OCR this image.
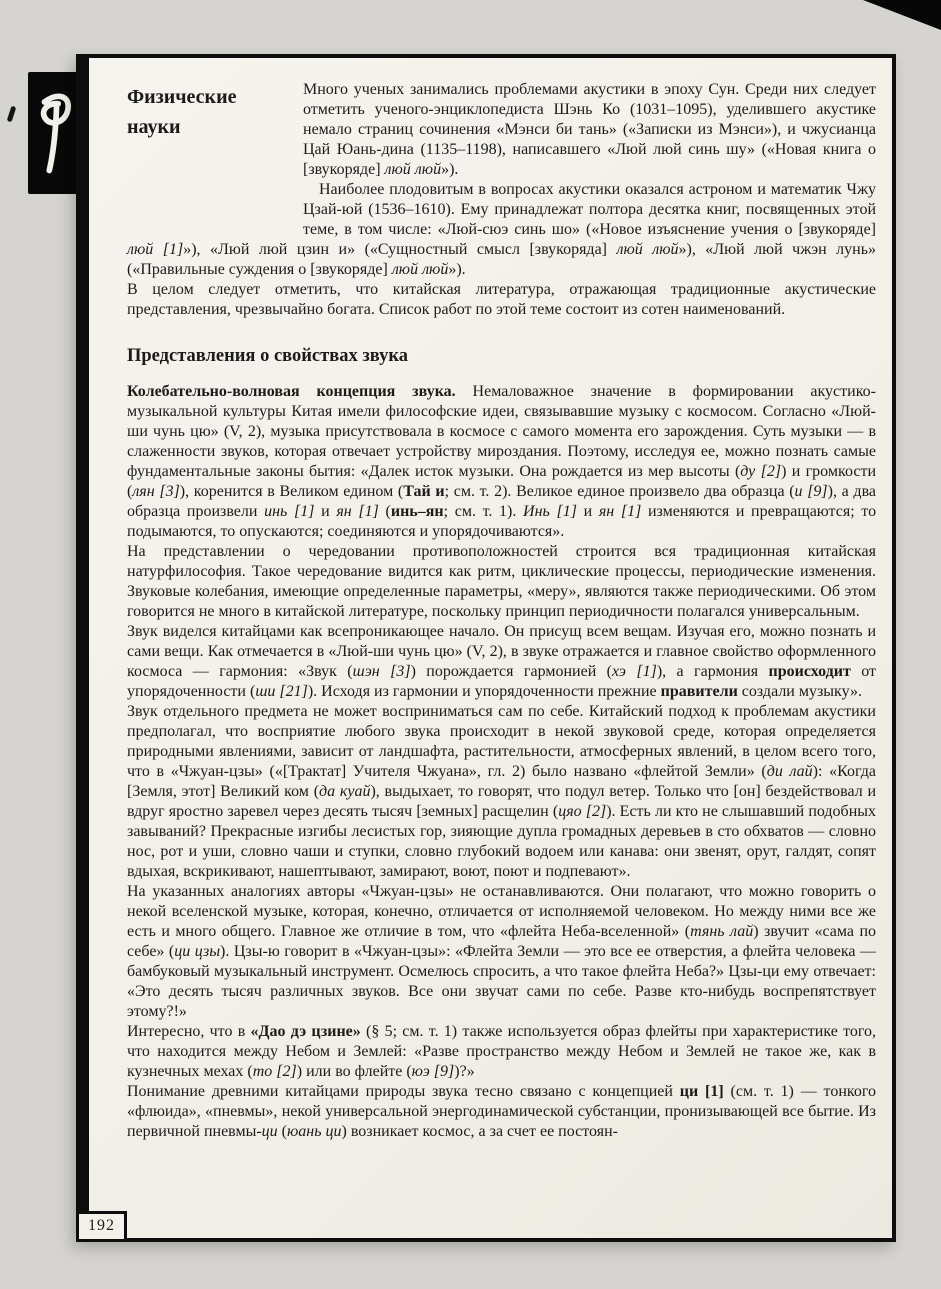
Физические
науки

Много ученых занимались проблемами акустики в эпоху Сун. Среди них следует отметить ученого-энциклопедиста Шэнь Ко (1031–1095), уделившего акустике немало страниц сочинения «Мэнси би тань» («Записки из Мэнси»), и чжусианца Цай Юань-дина (1135–1198), написавшего «Люй люй синь шу» («Новая книга о [звукоряде] люй люй»).

Наиболее плодовитым в вопросах акустики оказался астроном и математик Чжу Цзай-юй (1536–1610). Ему принадлежат полтора десятка книг, посвященных этой теме, в том числе: «Люй-сюэ синь шо» («Новое изъяснение учения о [звукоряде] люй [1]»), «Люй люй цзин и» («Сущностный смысл [звукоряда] люй люй»), «Люй люй чжэн лунь» («Правильные суждения о [звукоряде] люй люй»).

В целом следует отметить, что китайская литература, отражающая традиционные акустические представления, чрезвычайно богата. Список работ по этой теме состоит из сотен наименований.

Представления о свойствах звука

Колебательно-волновая концепция звука. Немаловажное значение в формировании акустико-музыкальной культуры Китая имели философские идеи, связывавшие музыку с космосом. Согласно «Люй-ши чунь цю» (V, 2), музыка присутствовала в космосе с самого момента его зарождения. Суть музыки — в слаженности звуков, которая отвечает устройству мироздания. Поэтому, исследуя ее, можно познать самые фундаментальные законы бытия: «Далек исток музыки. Она рождается из мер высоты (ду [2]) и громкости (лян [3]), коренится в Великом едином (Тай и; см. т. 2). Великое единое произвело два образца (и [9]), а два образца произвели инь [1] и ян [1] (инь–ян; см. т. 1). Инь [1] и ян [1] изменяются и превращаются; то подымаются, то опускаются; соединяются и упорядочиваются».

На представлении о чередовании противоположностей строится вся традиционная китайская натурфилософия. Такое чередование видится как ритм, циклические процессы, периодические изменения. Звуковые колебания, имеющие определенные параметры, «меру», являются также периодическими. Об этом говорится не много в китайской литературе, поскольку принцип периодичности полагался универсальным.

Звук виделся китайцами как всепроникающее начало. Он присущ всем вещам. Изучая его, можно познать и сами вещи. Как отмечается в «Люй-ши чунь цю» (V, 2), в звуке отражается и главное свойство оформленного космоса — гармония: «Звук (шэн [3]) порождается гармонией (хэ [1]), а гармония происходит от упорядоченности (ши [21]). Исходя из гармонии и упорядоченности прежние правители создали музыку».

Звук отдельного предмета не может восприниматься сам по себе. Китайский подход к проблемам акустики предполагал, что восприятие любого звука происходит в некой звуковой среде, которая определяется природными явлениями, зависит от ландшафта, растительности, атмосферных явлений, в целом всего того, что в «Чжуан-цзы» («[Трактат] Учителя Чжуана», гл. 2) было названо «флейтой Земли» (ди лай): «Когда [Земля, этот] Великий ком (да куай), выдыхает, то говорят, что подул ветер. Только что [он] бездействовал и вдруг яростно заревел через десять тысяч [земных] расщелин (цяо [2]). Есть ли кто не слышавший подобных завываний? Прекрасные изгибы лесистых гор, зияющие дупла громадных деревьев в сто обхватов — словно нос, рот и уши, словно чаши и ступки, словно глубокий водоем или канава: они звенят, орут, галдят, сопят вдыхая, вскрикивают, нашептывают, замирают, воют, поют и подпевают».

На указанных аналогиях авторы «Чжуан-цзы» не останавливаются. Они полагают, что можно говорить о некой вселенской музыке, которая, конечно, отличается от исполняемой человеком. Но между ними все же есть и много общего. Главное же отличие в том, что «флейта Неба-вселенной» (тянь лай) звучит «сама по себе» (ци цзы). Цзы-ю говорит в «Чжуан-цзы»: «Флейта Земли — это все ее отверстия, а флейта человека — бамбуковый музыкальный инструмент. Осмелюсь спросить, а что такое флейта Неба?» Цзы-ци ему отвечает: «Это десять тысяч различных звуков. Все они звучат сами по себе. Разве кто-нибудь воспрепятствует этому?!»

Интересно, что в «Дао дэ цзине» (§ 5; см. т. 1) также используется образ флейты при характеристике того, что находится между Небом и Землей: «Разве пространство между Небом и Землей не такое же, как в кузнечных мехах (то [2]) или во флейте (юэ [9])?»

Понимание древними китайцами природы звука тесно связано с концепцией ци [1] (см. т. 1) — тонкого «флюида», «пневмы», некой универсальной энергодинамической субстанции, пронизывающей все бытие. Из первичной пневмы-ци (юань ци) возникает космос, а за счет ее постоян-

192
